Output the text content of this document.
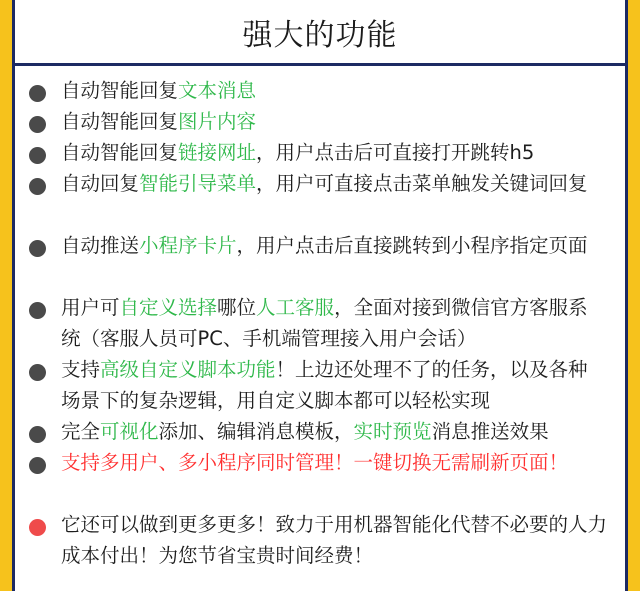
强大的功能
自动智能回复文本消息
自动智能回复图片内容
自动智能回复链接网址，用户点击后可直接打开跳转h5
自动回复智能引导菜单，用户可直接点击菜单触发关键词回复
自动推送小程序卡片，用户点击后直接跳转到小程序指定页面
用户可自定义选择哪位人工客服，全面对接到微信官方客服系统（客服人员可PC、手机端管理接入用户会话）
支持高级自定义脚本功能！上边还处理不了的任务，以及各种场景下的复杂逻辑，用自定义脚本都可以轻松实现
完全可视化添加、编辑消息模板，实时预览消息推送效果
支持多用户、多小程序同时管理！一键切换无需刷新页面！
它还可以做到更多更多！致力于用机器智能化代替不必要的人力成本付出！为您节省宝贵时间经费！
